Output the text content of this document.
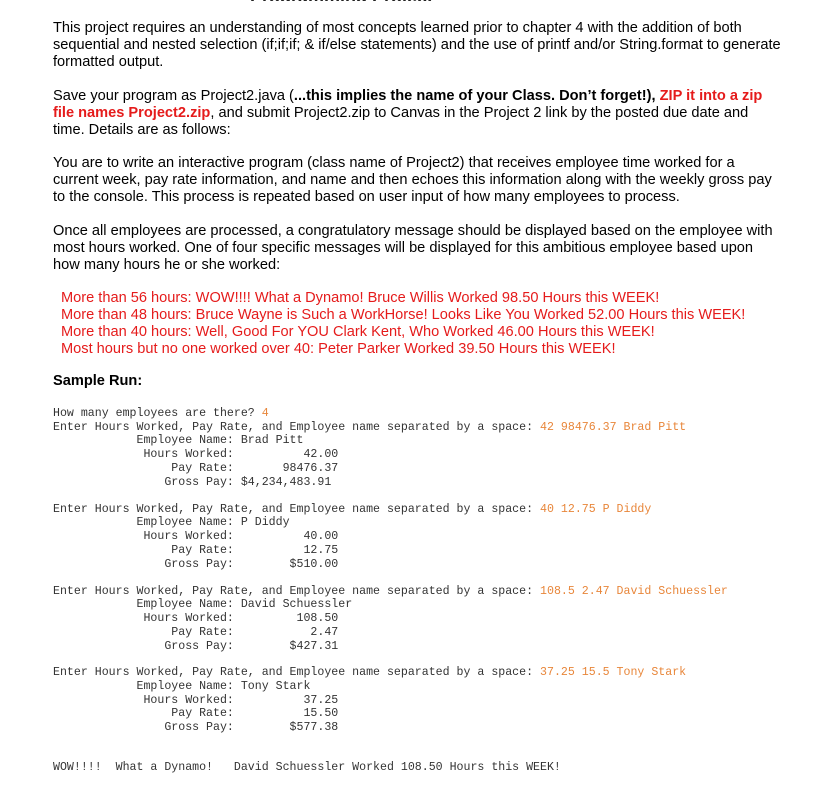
This project requires an understanding of most concepts learned prior to chapter 4 with the addition of both sequential and nested selection (if;if;if; & if/else statements) and the use of printf and/or String.format to generate formatted output.

Save your program as Project2.java (...this implies the name of your Class. Don’t forget!), ZIP it into a zip file names Project2.zip, and submit Project2.zip to Canvas in the Project 2 link by the posted due date and time. Details are as follows:

You are to write an interactive program (class name of Project2) that receives employee time worked for a current week, pay rate information, and name and then echoes this information along with the weekly gross pay to the console. This process is repeated based on user input of how many employees to process.

Once all employees are processed, a congratulatory message should be displayed based on the employee with most hours worked. One of four specific messages will be displayed for this ambitious employee based upon how many hours he or she worked:

More than 56 hours: WOW!!!! What a Dynamo! Bruce Willis Worked 98.50 Hours this WEEK!
More than 48 hours: Bruce Wayne is Such a WorkHorse! Looks Like You Worked 52.00 Hours this WEEK!
More than 40 hours: Well, Good For YOU Clark Kent, Who Worked 46.00 Hours this WEEK!
Most hours but no one worked over 40: Peter Parker Worked 39.50 Hours this WEEK!
Sample Run:
How many employees are there? 4
Enter Hours Worked, Pay Rate, and Employee name separated by a space: 42 98476.37 Brad Pitt
Employee Name: Brad Pitt
Hours Worked:          42.00
Pay Rate:       98476.37
Gross Pay: $4,234,483.91
Enter Hours Worked, Pay Rate, and Employee name separated by a space: 40 12.75 P Diddy
Employee Name: P Diddy
Hours Worked:          40.00
Pay Rate:          12.75
Gross Pay:        $510.00
Enter Hours Worked, Pay Rate, and Employee name separated by a space: 108.5 2.47 David Schuessler
Employee Name: David Schuessler
Hours Worked:         108.50
Pay Rate:           2.47
Gross Pay:        $427.31
Enter Hours Worked, Pay Rate, and Employee name separated by a space: 37.25 15.5 Tony Stark
Employee Name: Tony Stark
Hours Worked:          37.25
Pay Rate:          15.50
Gross Pay:        $577.38
WOW!!!!  What a Dynamo!   David Schuessler Worked 108.50 Hours this WEEK!
